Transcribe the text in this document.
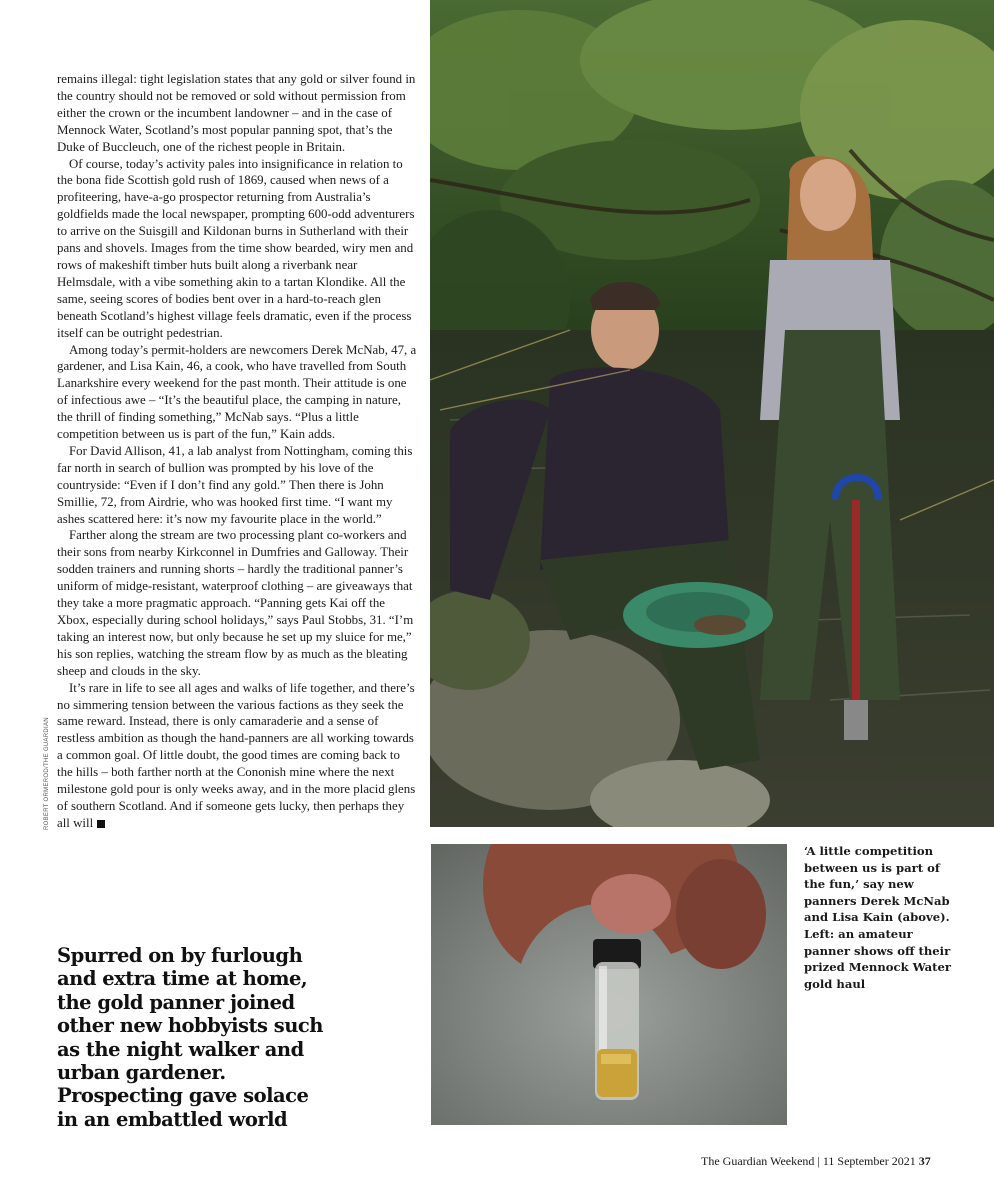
remains illegal: tight legislation states that any gold or silver found in the country should not be removed or sold without permission from either the crown or the incumbent landowner – and in the case of Mennock Water, Scotland’s most popular panning spot, that’s the Duke of Buccleuch, one of the richest people in Britain.

Of course, today’s activity pales into insignificance in relation to the bona fide Scottish gold rush of 1869, caused when news of a profiteering, have-a-go prospector returning from Australia’s goldfields made the local newspaper, prompting 600-odd adventurers to arrive on the Suisgill and Kildonan burns in Sutherland with their pans and shovels. Images from the time show bearded, wiry men and rows of makeshift timber huts built along a riverbank near Helmsdale, with a vibe something akin to a tartan Klondike. All the same, seeing scores of bodies bent over in a hard-to-reach glen beneath Scotland’s highest village feels dramatic, even if the process itself can be outright pedestrian.

Among today’s permit-holders are newcomers Derek McNab, 47, a gardener, and Lisa Kain, 46, a cook, who have travelled from South Lanarkshire every weekend for the past month. Their attitude is one of infectious awe – “It’s the beautiful place, the camping in nature, the thrill of finding something,” McNab says. “Plus a little competition between us is part of the fun,” Kain adds.

For David Allison, 41, a lab analyst from Nottingham, coming this far north in search of bullion was prompted by his love of the countryside: “Even if I don’t find any gold.” Then there is John Smillie, 72, from Airdrie, who was hooked first time. “I want my ashes scattered here: it’s now my favourite place in the world.”

Farther along the stream are two processing plant co-workers and their sons from nearby Kirkconnel in Dumfries and Galloway. Their sodden trainers and running shorts – hardly the traditional panner’s uniform of midge-resistant, waterproof clothing – are giveaways that they take a more pragmatic approach. “Panning gets Kai off the Xbox, especially during school holidays,” says Paul Stobbs, 31. “I’m taking an interest now, but only because he set up my sluice for me,” his son replies, watching the stream flow by as much as the bleating sheep and clouds in the sky.

It’s rare in life to see all ages and walks of life together, and there’s no simmering tension between the various factions as they seek the same reward. Instead, there is only camaraderie and a sense of restless ambition as though the hand-panners are all working towards a common goal. Of little doubt, the good times are coming back to the hills – both farther north at the Cononish mine where the next milestone gold pour is only weeks away, and in the more placid glens of southern Scotland. And if someone gets lucky, then perhaps they all will

ROBERT ORMEROD/THE GUARDIAN
‘A little competition between us is part of the fun,’ say new panners Derek McNab and Lisa Kain (above). Left: an amateur panner shows off their prized Mennock Water gold haul
Spurred on by furlough and extra time at home, the gold panner joined other new hobbyists such as the night walker and urban gardener. Prospecting gave solace in an embattled world
The Guardian Weekend | 11 September 2021 37
